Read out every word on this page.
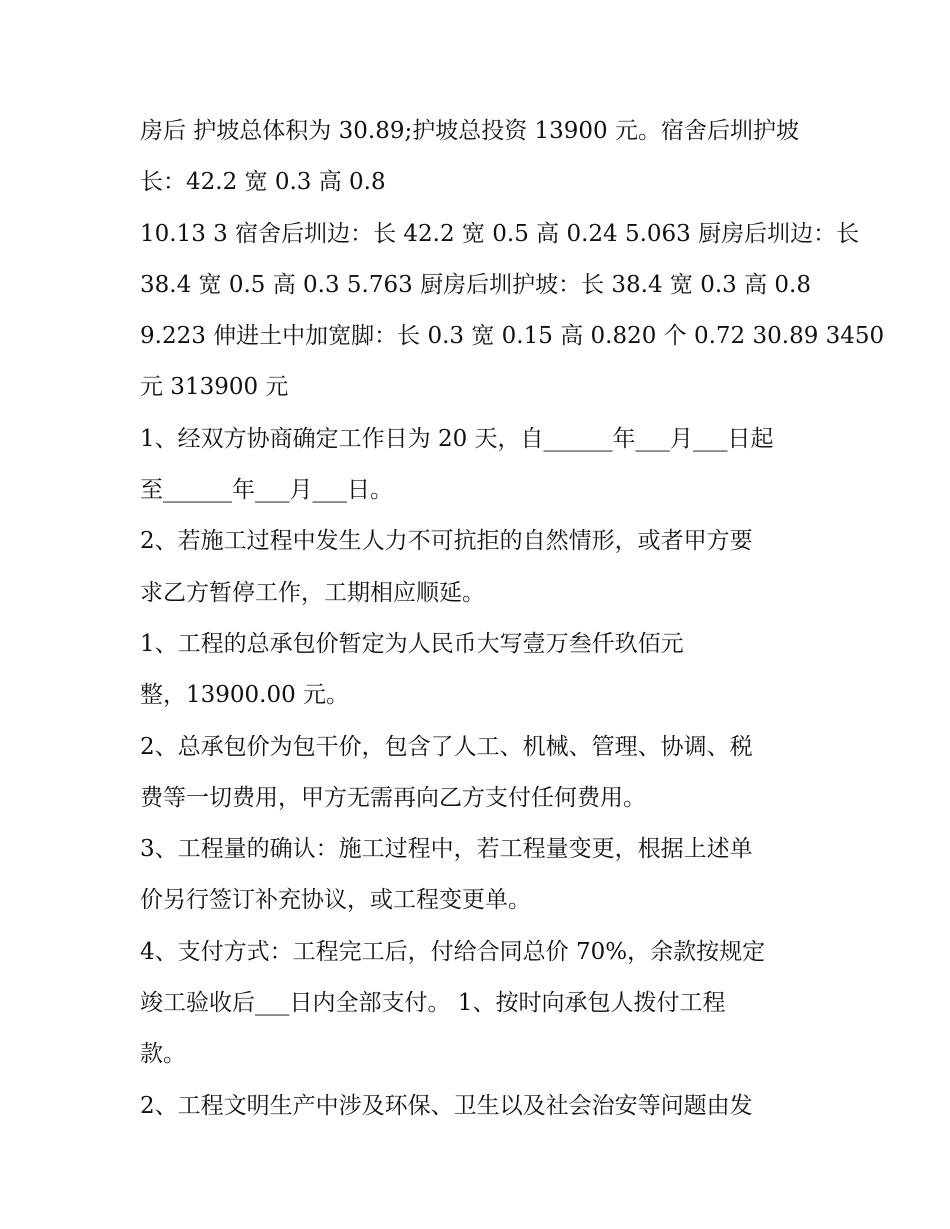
房后 护坡总体积为 30.89;护坡总投资 13900 元。宿舍后圳护坡
长：42.2 宽 0.3 高 0.8
10.13 3 宿舍后圳边：长 42.2 宽 0.5 高 0.24 5.063 厨房后圳边：长
38.4 宽 0.5 高 0.3 5.763 厨房后圳护坡：长 38.4 宽 0.3 高 0.8
9.223 伸进土中加宽脚：长 0.3 宽 0.15 高 0.820 个 0.72 30.89 3450
元 313900 元
1、经双方协商确定工作日为 20 天，自______年___月___日起
至______年___月___日。
2、若施工过程中发生人力不可抗拒的自然情形，或者甲方要
求乙方暂停工作，工期相应顺延。
1、工程的总承包价暂定为人民币大写壹万叁仟玖佰元
整，13900.00 元。
2、总承包价为包干价，包含了人工、机械、管理、协调、税
费等一切费用，甲方无需再向乙方支付任何费用。
3、工程量的确认：施工过程中，若工程量变更，根据上述单
价另行签订补充协议，或工程变更单。
4、支付方式：工程完工后，付给合同总价 70%，余款按规定
竣工验收后___日内全部支付。 1、按时向承包人拨付工程
款。
2、工程文明生产中涉及环保、卫生以及社会治安等问题由发
